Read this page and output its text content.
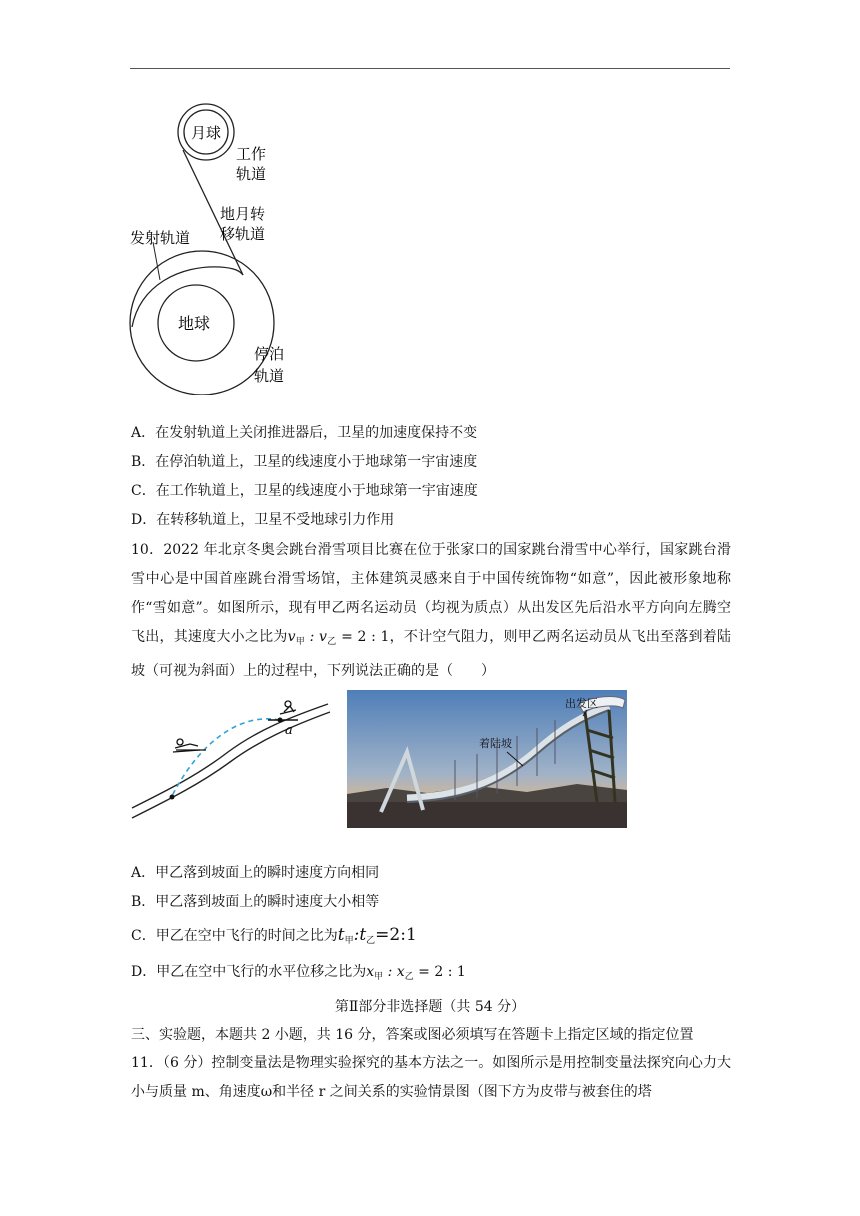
月球
地球
工作
轨道
地月转
移轨道
发射轨道
停泊
轨道
A．在发射轨道上关闭推进器后，卫星的加速度保持不变
B．在停泊轨道上，卫星的线速度小于地球第一宇宙速度
C．在工作轨道上，卫星的线速度小于地球第一宇宙速度
D．在转移轨道上，卫星不受地球引力作用
10．2022 年北京冬奥会跳台滑雪项目比赛在位于张家口的国家跳台滑雪中心举行，国家跳台滑雪中心是中国首座跳台滑雪场馆，主体建筑灵感来自于中国传统饰物“如意”，因此被形象地称作“雪如意”。如图所示，现有甲乙两名运动员（均视为质点）从出发区先后沿水平方向向左腾空飞出，其速度大小之比为$v_甲$ : $v_乙 = 2$ : 1，不计空气阻力，则甲乙两名运动员从飞出至落到着陆坡（可视为斜面）上的过程中，下列说法正确的是（　　）
a
出发区
着陆坡
A．甲乙落到坡面上的瞬时速度方向相同
B．甲乙落到坡面上的瞬时速度大小相等
C．甲乙在空中飞行的时间之比为$t_甲:t_乙=2:1$
D．甲乙在空中飞行的水平位移之比为$x_甲$ : $x_乙 = 2$ : 1
第Ⅱ部分非选择题（共 54 分）
三、实验题，本题共 2 小题，共 16 分，答案或图必须填写在答题卡上指定区域的指定位置
11．（6 分）控制变量法是物理实验探究的基本方法之一。如图所示是用控制变量法探究向心力大小与质量 m、角速度ω和半径 r 之间关系的实验情景图（图下方为皮带与被套住的塔
